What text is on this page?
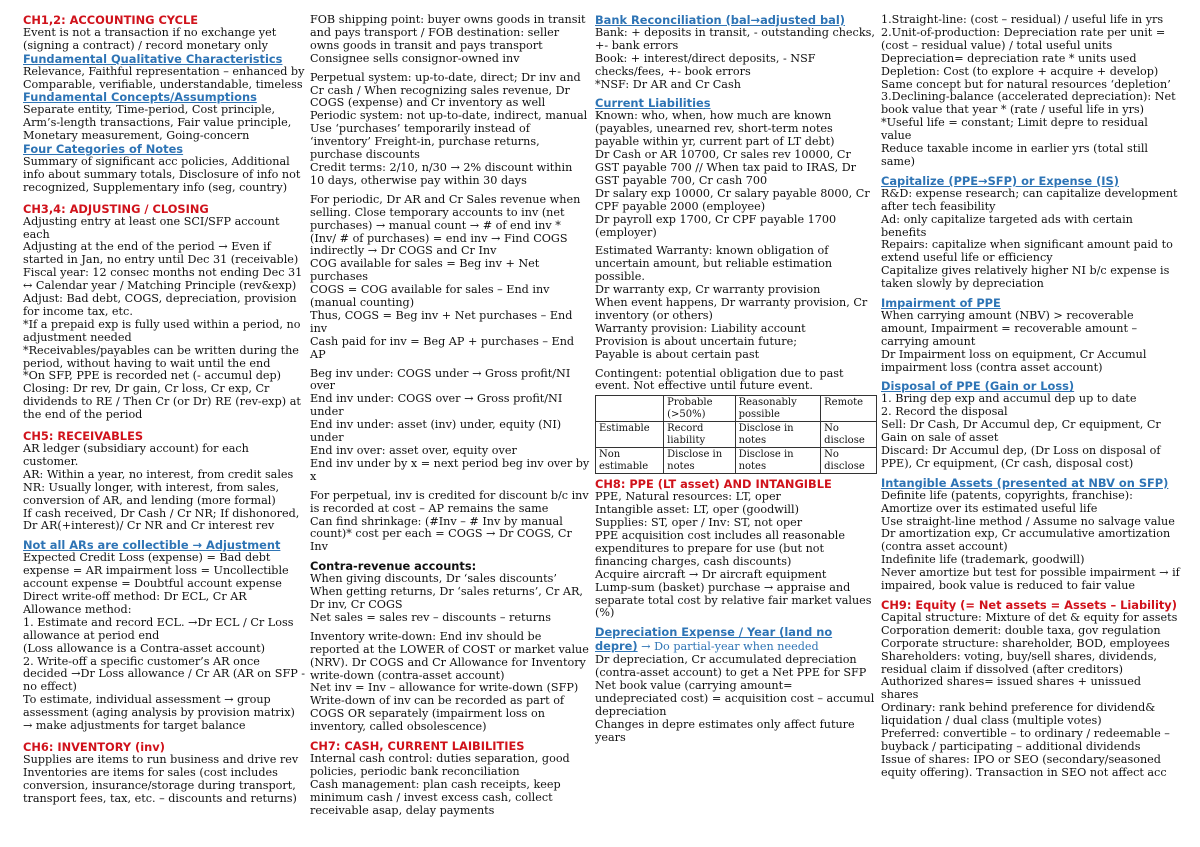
CH1,2: ACCOUNTING CYCLE

Event is not a transaction if no exchange yet (signing a contract) / record monetary only

Fundamental Qualitative Characteristics

Relevance, Faithful representation – enhanced by Comparable, verifiable, understandable, timeless

Fundamental Concepts/Assumptions

Separate entity, Time-period, Cost principle, Arm’s-length transactions, Fair value principle, Monetary measurement, Going-concern

Four Categories of Notes

Summary of significant acc policies, Additional info about summary totals, Disclosure of info not recognized, Supplementary info (seg, country)

CH3,4: ADJUSTING / CLOSING

Adjusting entry at least one SCI/SFP account each

Adjusting at the end of the period → Even if started in Jan, no entry until Dec 31 (receivable)

Fiscal year: 12 consec months not ending Dec 31 ↔ Calendar year / Matching Principle (rev&exp)

Adjust: Bad debt, COGS, depreciation, provision for income tax, etc.

*If a prepaid exp is fully used within a period, no adjustment needed

*Receivables/payables can be written during the period, without having to wait until the end

*On SFP, PPE is recorded net (- accumul dep)

Closing: Dr rev, Dr gain, Cr loss, Cr exp, Cr dividends to RE / Then Cr (or Dr) RE (rev-exp) at the end of the period

CH5: RECEIVABLES

AR ledger (subsidiary account) for each customer.

AR: Within a year, no interest, from credit sales

NR: Usually longer, with interest, from sales, conversion of AR, and lending (more formal)

If cash received, Dr Cash / Cr NR; If dishonored, Dr AR(+interest)/ Cr NR and Cr interest rev

Not all ARs are collectible → Adjustment

Expected Credit Loss (expense) = Bad debt expense = AR impairment loss = Uncollectible account expense = Doubtful account expense

Direct write-off method: Dr ECL, Cr AR

Allowance method:

1. Estimate and record ECL. →Dr ECL / Cr Loss allowance at period end

(Loss allowance is a Contra-asset account)

2. Write-off a specific customer’s AR once decided →Dr Loss allowance / Cr AR (AR on SFP -no effect)

To estimate, individual assessment → group assessment (aging analysis by provision matrix) → make adjustments for target balance

CH6: INVENTORY (inv)

Supplies are items to run business and drive rev

Inventories are items for sales (cost includes conversion, insurance/storage during transport, transport fees, tax, etc. – discounts and returns)

FOB shipping point: buyer owns goods in transit and pays transport / FOB destination: seller owns goods in transit and pays transport

Consignee sells consignor-owned inv

Perpetual system: up-to-date, direct; Dr inv and Cr cash / When recognizing sales revenue, Dr COGS (expense) and Cr inventory as well

Periodic system: not up-to-date, indirect, manual Use ‘purchases’ temporarily instead of ‘inventory’ Freight-in, purchase returns, purchase discounts

Credit terms: 2/10, n/30 → 2% discount within 10 days, otherwise pay within 30 days

For periodic, Dr AR and Cr Sales revenue when selling. Close temporary accounts to inv (net purchases) → manual count → # of end inv * (Inv/ # of purchases) = end inv → Find COGS indirectly → Dr COGS and Cr Inv

COG available for sales = Beg inv + Net purchases

COGS = COG available for sales – End inv (manual counting)

Thus, COGS = Beg inv + Net purchases – End inv

Cash paid for inv = Beg AP + purchases – End AP

Beg inv under: COGS under → Gross profit/NI over

End inv under: COGS over → Gross profit/NI under

End inv under: asset (inv) under, equity (NI) under

End inv over: asset over, equity over

End inv under by x = next period beg inv over by x

For perpetual, inv is credited for discount b/c inv is recorded at cost – AP remains the same

Can find shrinkage: (#Inv – # Inv by manual count)* cost per each = COGS → Dr COGS, Cr Inv

Contra-revenue accounts:

When giving discounts, Dr ‘sales discounts’

When getting returns, Dr ‘sales returns’, Cr AR, Dr inv, Cr COGS

Net sales = sales rev – discounts – returns

Inventory write-down: End inv should be reported at the LOWER of COST or market value (NRV). Dr COGS and Cr Allowance for Inventory write-down (contra-asset account)

Net inv = Inv – allowance for write-down (SFP)

Write-down of inv can be recorded as part of COGS OR separately (impairment loss on inventory, called obsolescence)

CH7: CASH, CURRENT LAIBILITIES

Internal cash control: duties separation, good policies, periodic bank reconciliation

Cash management: plan cash receipts, keep minimum cash / invest excess cash, collect receivable asap, delay payments

Bank Reconciliation (bal→adjusted bal)

Bank: + deposits in transit, - outstanding checks, +- bank errors

Book: + interest/direct deposits, - NSF checks/fees, +- book errors

*NSF: Dr AR and Cr Cash

Current Liabilities

Known: who, when, how much are known (payables, unearned rev, short-term notes payable within yr, current part of LT debt)

Dr Cash or AR 10700, Cr sales rev 10000, Cr GST payable 700 // When tax paid to IRAS, Dr GST payable 700, Cr cash 700

Dr salary exp 10000, Cr salary payable 8000, Cr CPF payable 2000 (employee)

Dr payroll exp 1700, Cr CPF payable 1700 (employer)

Estimated Warranty: known obligation of uncertain amount, but reliable estimation possible.

Dr warranty exp, Cr warranty provision

When event happens, Dr warranty provision, Cr inventory (or others)

Warranty provision: Liability account

Provision is about uncertain future;

Payable is about certain past

Contingent: potential obligation due to past event. Not effective until future event.

	Probable (>50%)	Reasonably possible	Remote
Estimable	Record liability	Disclose in notes	No disclose
Non estimable	Disclose in notes	Disclose in notes	No disclose
CH8: PPE (LT asset) AND INTANGIBLE

PPE, Natural resources: LT, oper

Intangible asset: LT, oper (goodwill)

Supplies: ST, oper / Inv: ST, not oper

PPE acquisition cost includes all reasonable expenditures to prepare for use (but not financing charges, cash discounts)

Acquire aircraft → Dr aircraft equipment

Lump-sum (basket) purchase → appraise and separate total cost by relative fair market values (%)

Depreciation Expense / Year (land no depre) → Do partial-year when needed

Dr depreciation, Cr accumulated depreciation (contra-asset account) to get a Net PPE for SFP

Net book value (carrying amount= undepreciated cost) = acquisition cost – accumul depreciation

Changes in depre estimates only affect future years

1.Straight-line: (cost – residual) / useful life in yrs

2.Unit-of-production: Depreciation rate per unit = (cost – residual value) / total useful units

Depreciation= depreciation rate * units used

Depletion: Cost (to explore + acquire + develop)

Same concept but for natural resources ‘depletion’

3.Declining-balance (accelerated depreciation): Net book value that year * (rate / useful life in yrs)

*Useful life = constant; Limit depre to residual value

Reduce taxable income in earlier yrs (total still same)

Capitalize (PPE→SFP) or Expense (IS)

R&D: expense research; can capitalize development after tech feasibility

Ad: only capitalize targeted ads with certain benefits

Repairs: capitalize when significant amount paid to extend useful life or efficiency

Capitalize gives relatively higher NI b/c expense is taken slowly by depreciation

Impairment of PPE

When carrying amount (NBV) > recoverable amount, Impairment = recoverable amount – carrying amount

Dr Impairment loss on equipment, Cr Accumul impairment loss (contra asset account)

Disposal of PPE (Gain or Loss)

1. Bring dep exp and accumul dep up to date

2. Record the disposal

Sell: Dr Cash, Dr Accumul dep, Cr equipment, Cr Gain on sale of asset

Discard: Dr Accumul dep, (Dr Loss on disposal of PPE), Cr equipment, (Cr cash, disposal cost)

Intangible Assets (presented at NBV on SFP)

Definite life (patents, copyrights, franchise): Amortize over its estimated useful life

Use straight-line method / Assume no salvage value

Dr amortization exp, Cr accumulative amortization (contra asset account)

Indefinite life (trademark, goodwill)

Never amortize but test for possible impairment → if impaired, book value is reduced to fair value

CH9: Equity (= Net assets = Assets – Liability)

Capital structure: Mixture of det & equity for assets

Corporation demerit: double taxa, gov regulation

Corporate structure: shareholder, BOD, employees

Shareholders: voting, buy/sell shares, dividends, residual claim if dissolved (after creditors)

Authorized shares= issued shares + unissued shares

Ordinary: rank behind preference for dividend& liquidation / dual class (multiple votes)

Preferred: convertible – to ordinary / redeemable – buyback / participating – additional dividends

Issue of shares: IPO or SEO (secondary/seasoned equity offering). Transaction in SEO not affect acc
